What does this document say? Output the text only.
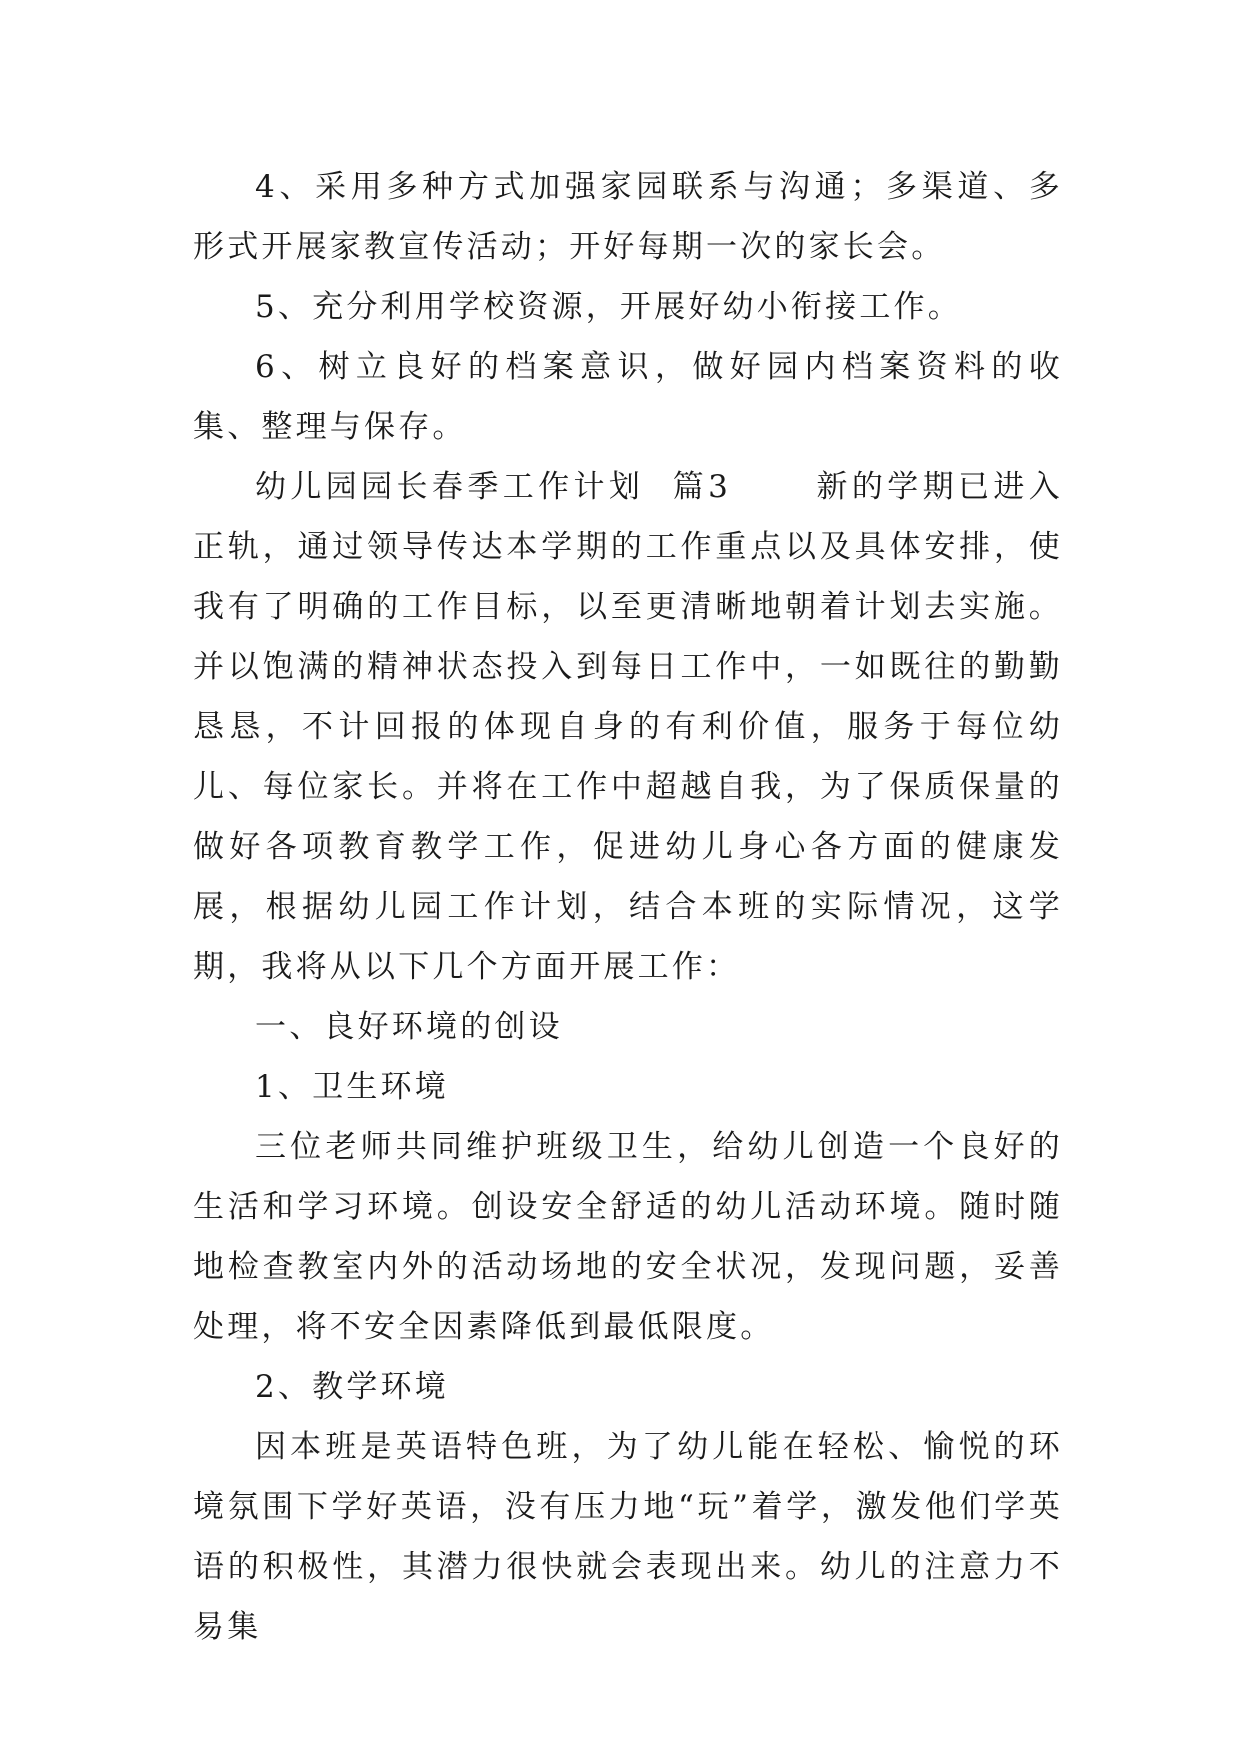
4、采用多种方式加强家园联系与沟通；多渠道、多形式开展家教宣传活动；开好每期一次的家长会。

5、充分利用学校资源，开展好幼小衔接工作。

6、树立良好的档案意识，做好园内档案资料的收集、整理与保存。

幼儿园园长春季工作计划  篇3      新的学期已进入正轨，通过领导传达本学期的工作重点以及具体安排，使我有了明确的工作目标，以至更清晰地朝着计划去实施。并以饱满的精神状态投入到每日工作中，一如既往的勤勤恳恳，不计回报的体现自身的有利价值，服务于每位幼儿、每位家长。并将在工作中超越自我，为了保质保量的做好各项教育教学工作，促进幼儿身心各方面的健康发展，根据幼儿园工作计划，结合本班的实际情况，这学期，我将从以下几个方面开展工作：

一、良好环境的创设

1、卫生环境

三位老师共同维护班级卫生，给幼儿创造一个良好的生活和学习环境。创设安全舒适的幼儿活动环境。随时随地检查教室内外的活动场地的安全状况，发现问题，妥善处理，将不安全因素降低到最低限度。

2、教学环境

因本班是英语特色班，为了幼儿能在轻松、愉悦的环境氛围下学好英语，没有压力地“玩”着学，激发他们学英语的积极性，其潜力很快就会表现出来。幼儿的注意力不易集
